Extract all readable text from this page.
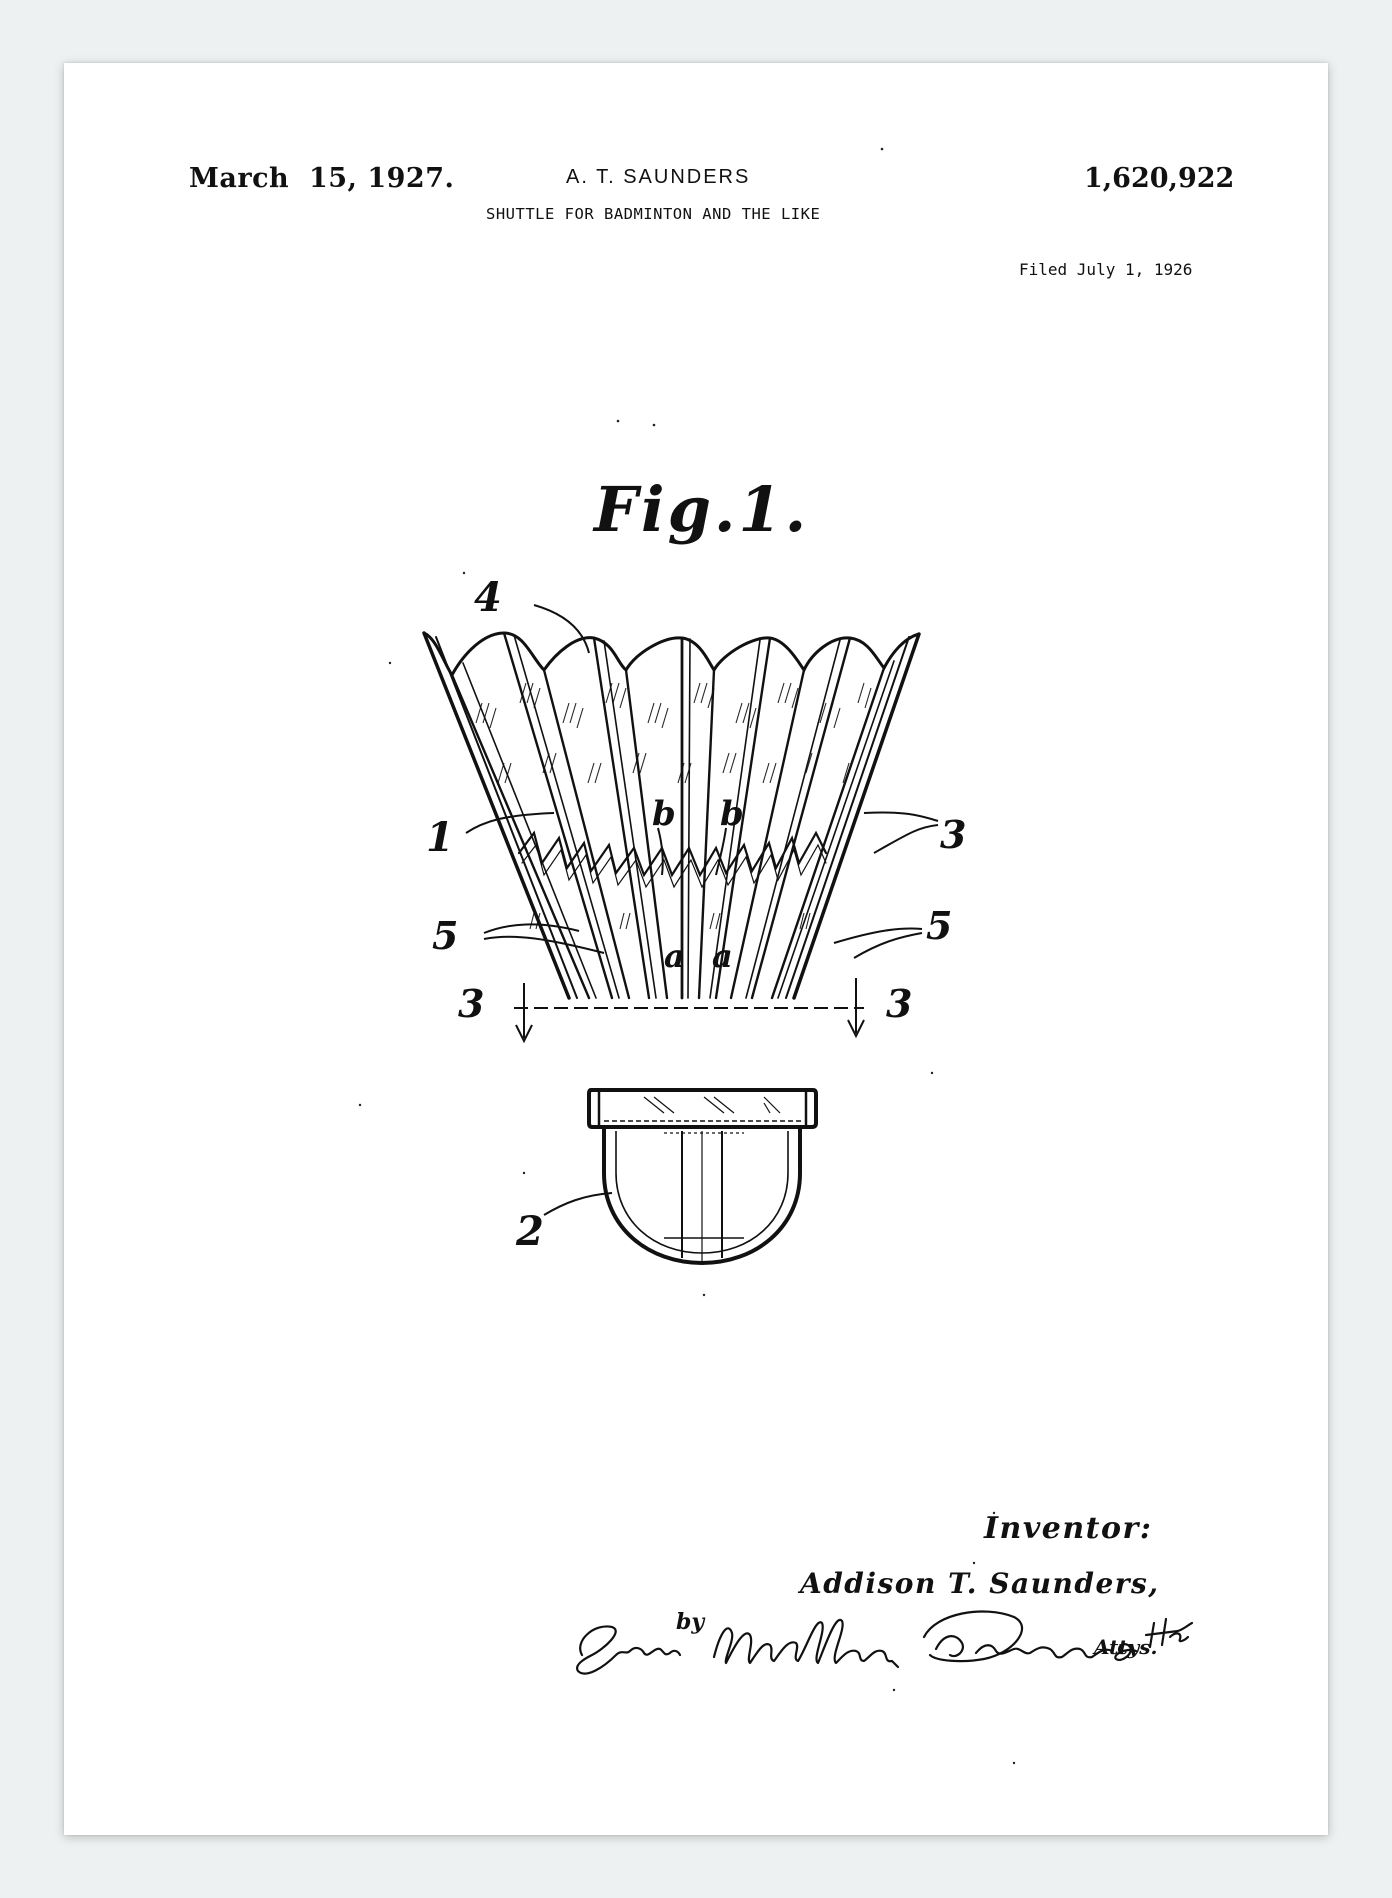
March  15, 1927.	A. T. SAUNDERS	1,620,922
SHUTTLE FOR BADMINTON AND THE LIKE
Filed July 1, 1926
Fig.1.
4
1	3
5	5
3	3
2
b b
a a
Inventor:
Addison T. Saunders,
by
Attys.
